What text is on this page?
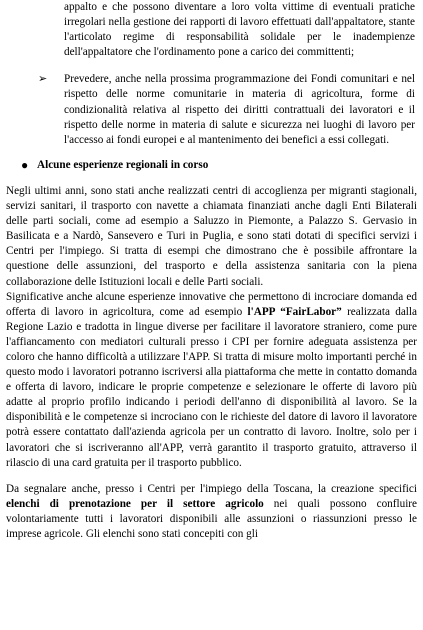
appalto e che possono diventare a loro volta vittime di eventuali pratiche irregolari nella gestione dei rapporti di lavoro effettuati dall'appaltatore, stante l'articolato regime di responsabilità solidale per le inadempienze dell'appaltatore che l'ordinamento pone a carico dei committenti;

➢ Prevedere, anche nella prossima programmazione dei Fondi comunitari e nel rispetto delle norme comunitarie in materia di agricoltura, forme di condizionalità relativa al rispetto dei diritti contrattuali dei lavoratori e il rispetto delle norme in materia di salute e sicurezza nei luoghi di lavoro per l'accesso ai fondi europei e al mantenimento dei benefici a essi collegati.

● Alcune esperienze regionali in corso

Negli ultimi anni, sono stati anche realizzati centri di accoglienza per migranti stagionali, servizi sanitari, il trasporto con navette a chiamata finanziati anche dagli Enti Bilaterali delle parti sociali, come ad esempio a Saluzzo in Piemonte, a Palazzo S. Gervasio in Basilicata e a Nardò, Sansevero e Turi in Puglia, e sono stati dotati di specifici servizi i Centri per l'impiego. Si tratta di esempi che dimostrano che è possibile affrontare la questione delle assunzioni, del trasporto e della assistenza sanitaria con la piena collaborazione delle Istituzioni locali e delle Parti sociali.

Significative anche alcune esperienze innovative che permettono di incrociare domanda ed offerta di lavoro in agricoltura, come ad esempio l'APP “FairLabor” realizzata dalla Regione Lazio e tradotta in lingue diverse per facilitare il lavoratore straniero, come pure l'affiancamento con mediatori culturali presso i CPI per fornire adeguata assistenza per coloro che hanno difficoltà a utilizzare l'APP. Si tratta di misure molto importanti perché in questo modo i lavoratori potranno iscriversi alla piattaforma che mette in contatto domanda e offerta di lavoro, indicare le proprie competenze e selezionare le offerte di lavoro più adatte al proprio profilo indicando i periodi dell'anno di disponibilità al lavoro. Se la disponibilità e le competenze si incrociano con le richieste del datore di lavoro il lavoratore potrà essere contattato dall'azienda agricola per un contratto di lavoro. Inoltre, solo per i lavoratori che si iscriveranno all'APP, verrà garantito il trasporto gratuito, attraverso il rilascio di una card gratuita per il trasporto pubblico.

Da segnalare anche, presso i Centri per l'impiego della Toscana, la creazione specifici elenchi di prenotazione per il settore agricolo nei quali possono confluire volontariamente tutti i lavoratori disponibili alle assunzioni o riassunzioni presso le imprese agricole. Gli elenchi sono stati concepiti con gli
